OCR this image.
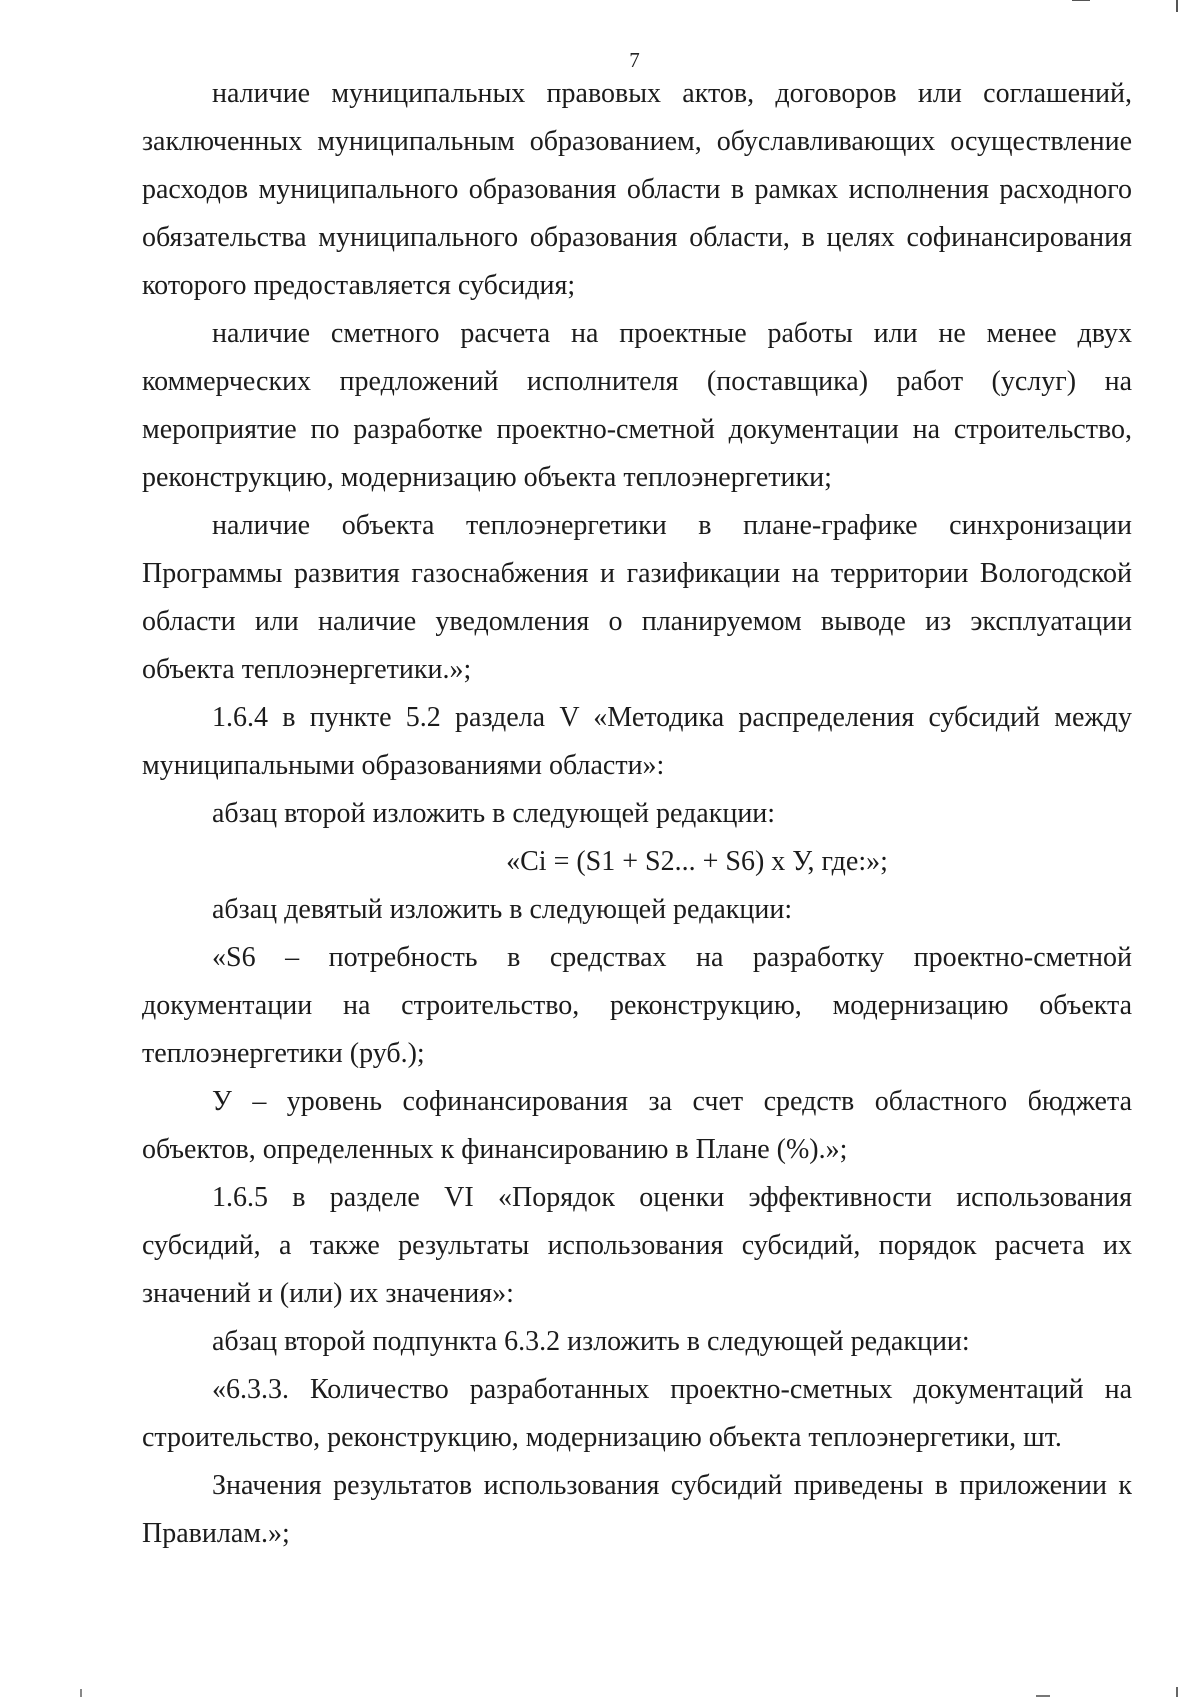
7

наличие муниципальных правовых актов, договоров или соглашений, заключенных муниципальным образованием, обуславливающих осуществление расходов муниципального образования области в рамках исполнения расходного обязательства муниципального образования области, в целях софинансирования которого предоставляется субсидия;

наличие сметного расчета на проектные работы или не менее двух коммерческих предложений исполнителя (поставщика) работ (услуг) на мероприятие по разработке проектно-сметной документации на строительство, реконструкцию, модернизацию объекта теплоэнергетики;

наличие объекта теплоэнергетики в плане-графике синхронизации Программы развития газоснабжения и газификации на территории Вологодской области или наличие уведомления о планируемом выводе из эксплуатации объекта теплоэнергетики.»;

1.6.4 в пункте 5.2 раздела V «Методика распределения субсидий между муниципальными образованиями области»:

абзац второй изложить в следующей редакции:

«Ci = (S1 + S2... + S6) x У, где:»;

абзац девятый изложить в следующей редакции:

«S6 – потребность в средствах на разработку проектно-сметной документации на строительство, реконструкцию, модернизацию объекта теплоэнергетики (руб.);

У – уровень софинансирования за счет средств областного бюджета объектов, определенных к финансированию в Плане (%).»;

1.6.5 в разделе VI «Порядок оценки эффективности использования субсидий, а также результаты использования субсидий, порядок расчета их значений и (или) их значения»:

абзац второй подпункта 6.3.2 изложить в следующей редакции:

«6.3.3. Количество разработанных проектно-сметных документаций на строительство, реконструкцию, модернизацию объекта теплоэнергетики, шт.

Значения результатов использования субсидий приведены в приложении к Правилам.»;
